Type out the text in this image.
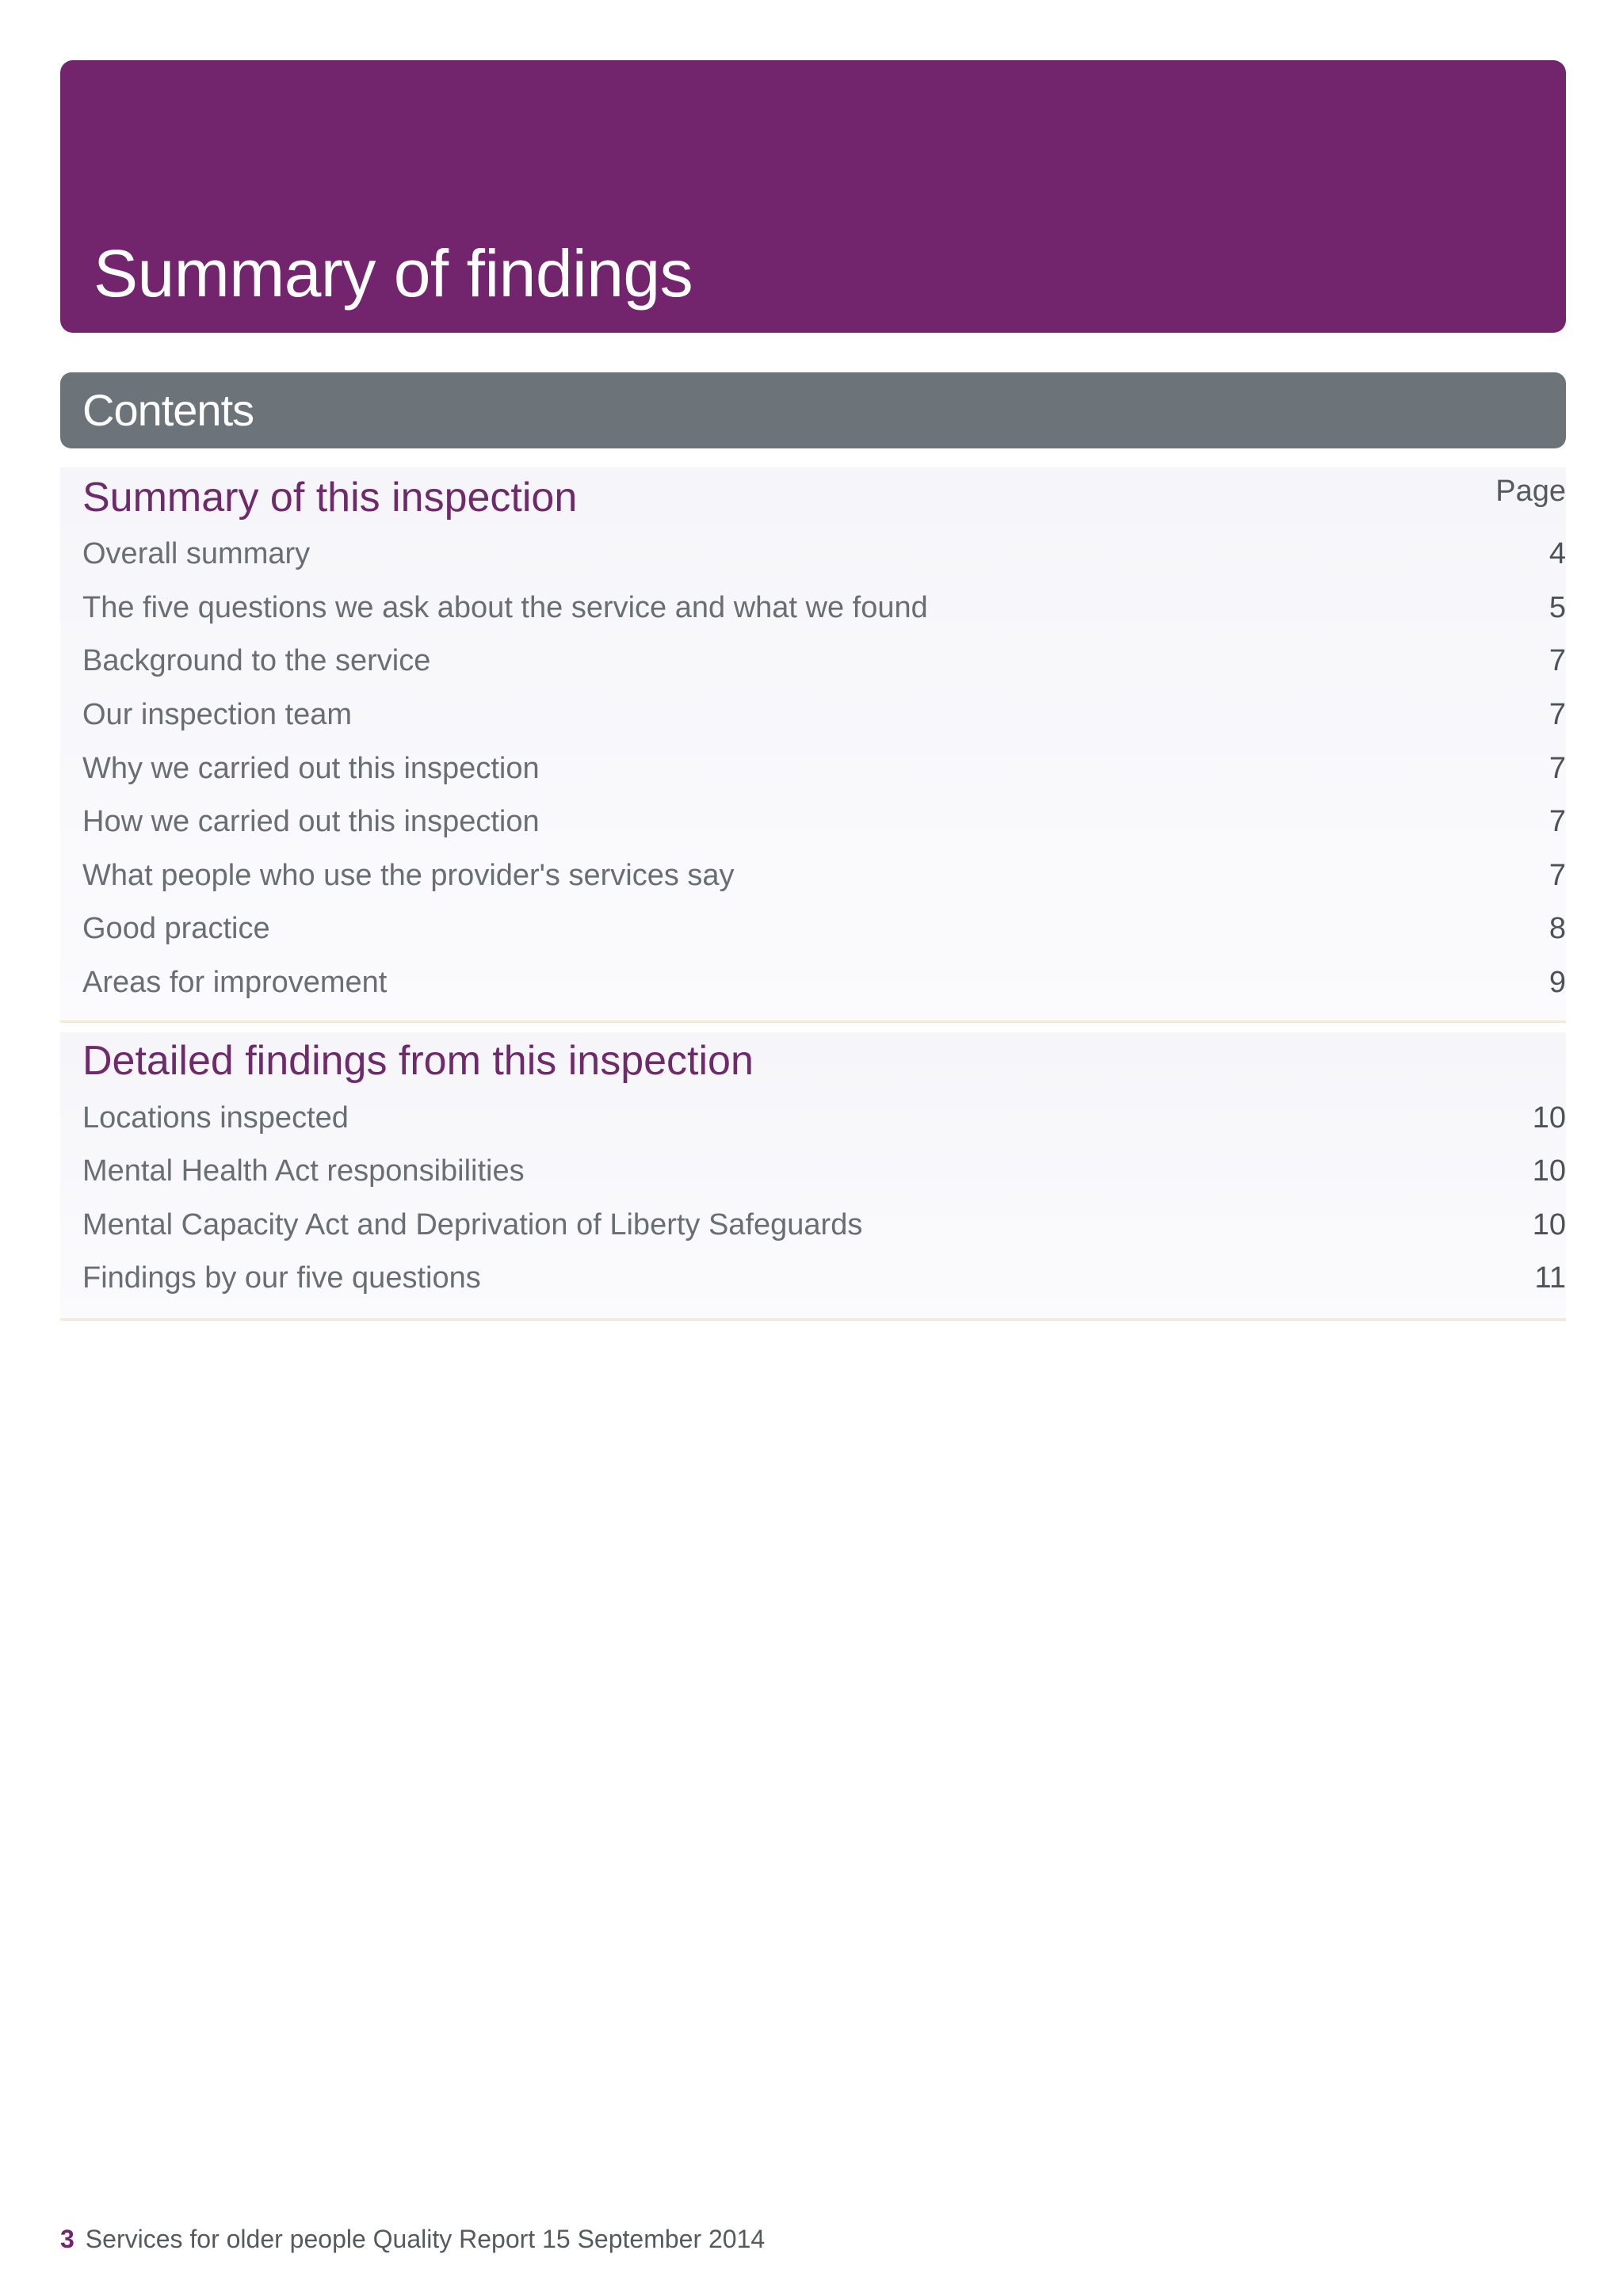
Summary of findings
Contents
Summary of this inspection	Page
Overall summary	4
The five questions we ask about the service and what we found	5
Background to the service	7
Our inspection team	7
Why we carried out this inspection	7
How we carried out this inspection	7
What people who use the provider's services say	7
Good practice	8
Areas for improvement	9
Detailed findings from this inspection
Locations inspected	10
Mental Health Act responsibilities	10
Mental Capacity Act and Deprivation of Liberty Safeguards	10
Findings by our five questions	11
3 Services for older people Quality Report 15 September 2014
